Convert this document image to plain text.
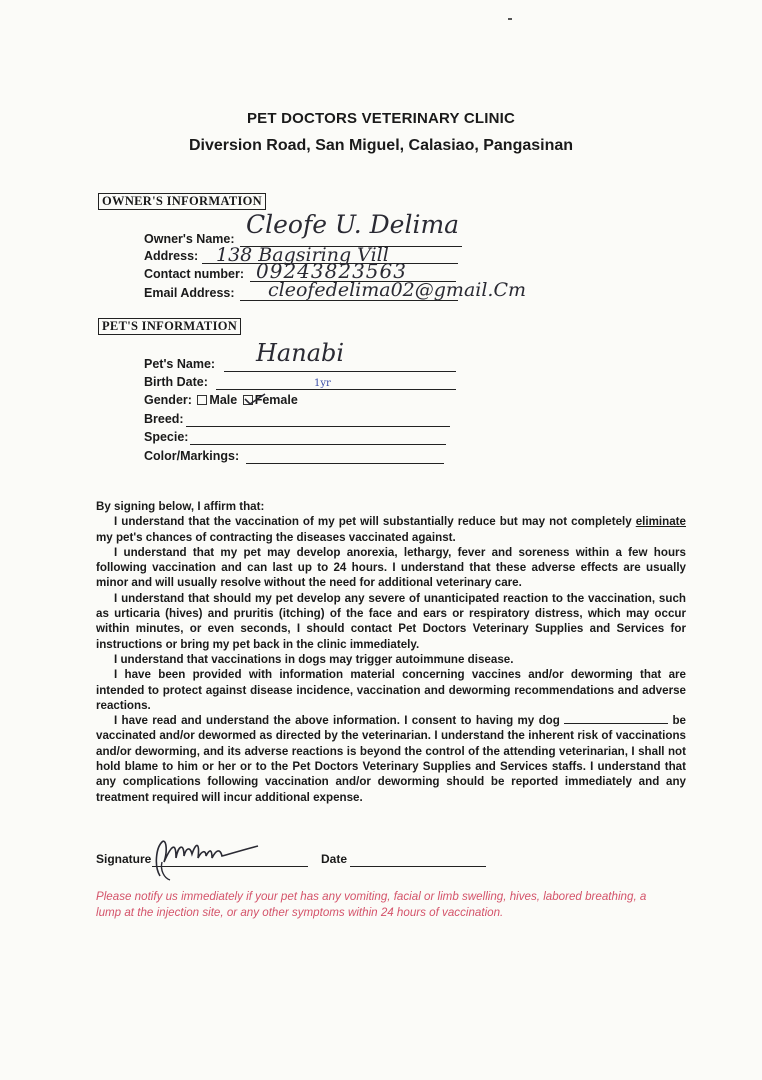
PET DOCTORS VETERINARY CLINIC
Diversion Road, San Miguel, Calasiao, Pangasinan
OWNER'S INFORMATION
Owner's Name: Cleofe U. Delima
Address: 138 Bagsiring Vill
Contact number: 09243823563
Email Address: cleofedelima02@gmail.Cm
PET'S INFORMATION
Pet's Name: Hanabi
Birth Date:	1yr
Gender: Male Female
Breed:
Specie:
Color/Markings:

By signing below, I affirm that:

I understand that the vaccination of my pet will substantially reduce but may not completely eliminate my pet's chances of contracting the diseases vaccinated against.

I understand that my pet may develop anorexia, lethargy, fever and soreness within a few hours following vaccination and can last up to 24 hours. I understand that these adverse effects are usually minor and will usually resolve without the need for additional veterinary care.

I understand that should my pet develop any severe of unanticipated reaction to the vaccination, such as urticaria (hives) and pruritis (itching) of the face and ears or respiratory distress, which may occur within minutes, or even seconds, I should contact Pet Doctors Veterinary Supplies and Services for instructions or bring my pet back in the clinic immediately.

I understand that vaccinations in dogs may trigger autoimmune disease.

I have been provided with information material concerning vaccines and/or deworming that are intended to protect against disease incidence, vaccination and deworming recommendations and adverse reactions.

I have read and understand the above information. I consent to having my dog	be vaccinated and/or dewormed as directed by the veterinarian. I understand the inherent risk of vaccinations and/or deworming, and its adverse reactions is beyond the control of the attending veterinarian, I shall not hold blame to him or her or to the Pet Doctors Veterinary Supplies and Services staffs. I understand that any complications following vaccination and/or deworming should be reported immediately and any treatment required will incur additional expense.

Signature	Date
Please notify us immediately if your pet has any vomiting, facial or limb swelling, hives, labored breathing, a lump at the injection site, or any other symptoms within 24 hours of vaccination.
